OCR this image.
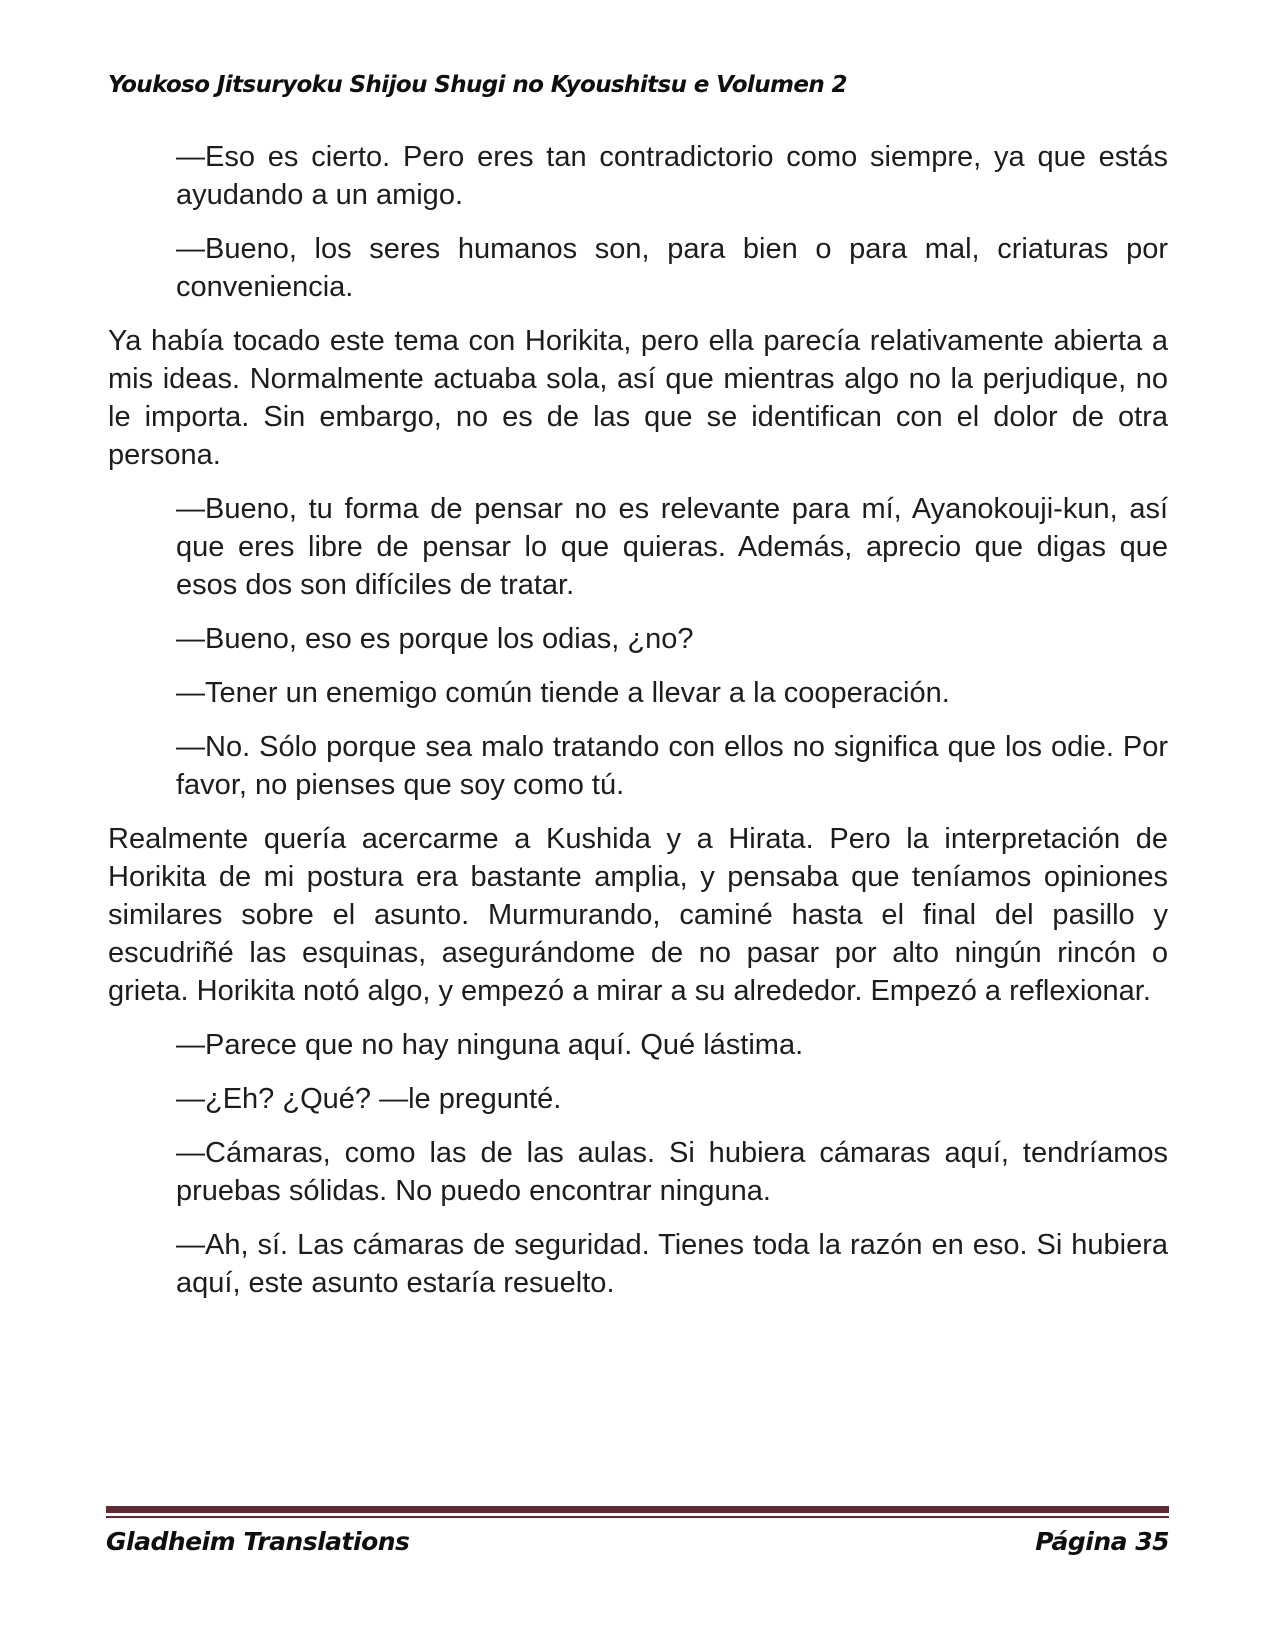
Youkoso Jitsuryoku Shijou Shugi no Kyoushitsu e Volumen 2

—Eso es cierto. Pero eres tan contradictorio como siempre, ya que estás ayudando a un amigo.

—Bueno, los seres humanos son, para bien o para mal, criaturas por conveniencia.

Ya había tocado este tema con Horikita, pero ella parecía relativamente abierta a mis ideas. Normalmente actuaba sola, así que mientras algo no la perjudique, no le importa. Sin embargo, no es de las que se identifican con el dolor de otra persona.

—Bueno, tu forma de pensar no es relevante para mí, Ayanokouji-kun, así que eres libre de pensar lo que quieras. Además, aprecio que digas que esos dos son difíciles de tratar.

—Bueno, eso es porque los odias, ¿no?

—Tener un enemigo común tiende a llevar a la cooperación.

—No. Sólo porque sea malo tratando con ellos no significa que los odie. Por favor, no pienses que soy como tú.

Realmente quería acercarme a Kushida y a Hirata. Pero la interpretación de Horikita de mi postura era bastante amplia, y pensaba que teníamos opiniones similares sobre el asunto. Murmurando, caminé hasta el final del pasillo y escudriñé las esquinas, asegurándome de no pasar por alto ningún rincón o grieta. Horikita notó algo, y empezó a mirar a su alrededor. Empezó a reflexionar.

—Parece que no hay ninguna aquí. Qué lástima.

—¿Eh? ¿Qué? —le pregunté.

—Cámaras, como las de las aulas. Si hubiera cámaras aquí, tendríamos pruebas sólidas. No puedo encontrar ninguna.

—Ah, sí. Las cámaras de seguridad. Tienes toda la razón en eso. Si hubiera aquí, este asunto estaría resuelto.

Gladheim Translations	Página 35
